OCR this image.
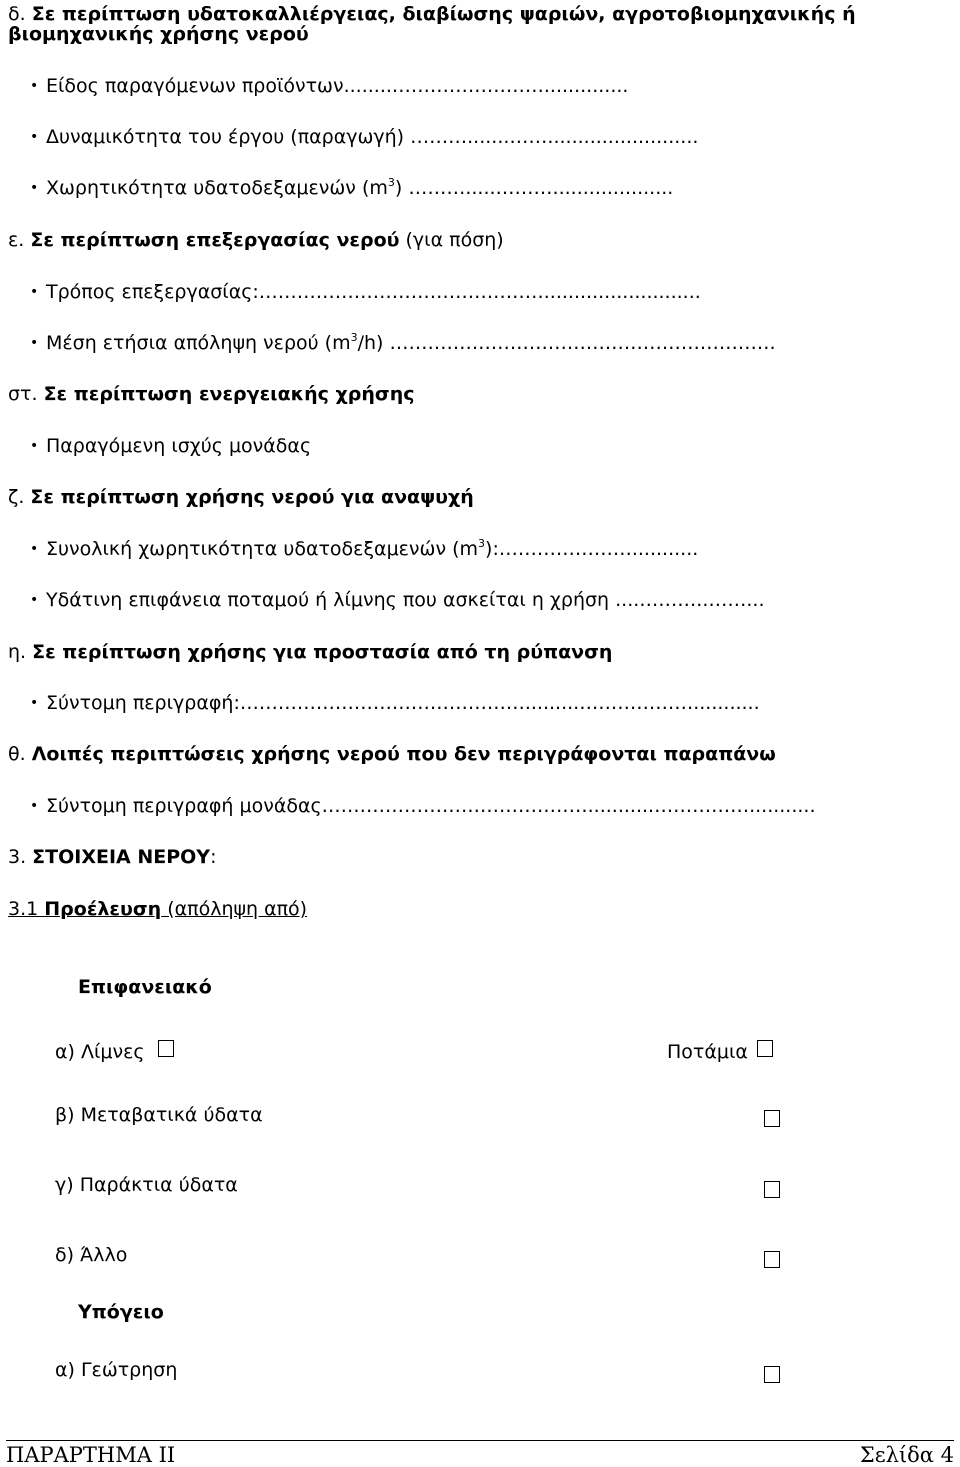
δ. Σε περίπτωση υδατοκαλλιέργειας, διαβίωσης ψαριών, αγροτοβιομηχανικής ή
βιομηχανικής χρήσης νερού
• Είδος παραγόμενων προϊόντων........……………………..............
• Δυναμικότητα του έργου (παραγωγή) ……….......…….........................
• Χωρητικότητα υδατοδεξαμενών $(m^3)$ ……….....………....................
ε. Σε περίπτωση επεξεργασίας νερού (για πόση)
• Τρόπος επεξεργασίας:………………………………………..........................
• Μέση ετήσια απόληψη νερού $(m^3/h)$ …………………………………………………….
στ. Σε περίπτωση ενεργειακής χρήσης
• Παραγόμενη ισχύς μονάδας
ζ. Σε περίπτωση χρήσης νερού για αναψυχή
• Συνολική χωρητικότητα υδατοδεξαμενών $(m^3):\dots\dots\dots\dots\dots\dots\dots$...........
• Υδάτινη επιφάνεια ποταμού ή λίμνης που ασκείται η χρήση ....………..……...
η. Σε περίπτωση χρήσης για προστασία από τη ρύπανση
• Σύντομη περιγραφή:……………………………………….........………………...........
θ. Λοιπές περιπτώσεις χρήσης νερού που δεν περιγράφονται παραπάνω
• Σύντομη περιγραφή μονάδας……………………………………...........……………...........
3. ΣΤΟΙΧΕΙΑ ΝΕΡΟΥ:
3.1 Προέλευση (απόληψη από)
Επιφανειακό
α) Λίμνες	Ποτάμια
β) Μεταβατικά ύδατα
γ) Παράκτια ύδατα
δ) Άλλο
Υπόγειο
α) Γεώτρηση
ΠΑΡΑΡΤΗΜΑ ΙΙ	Σελίδα 4
